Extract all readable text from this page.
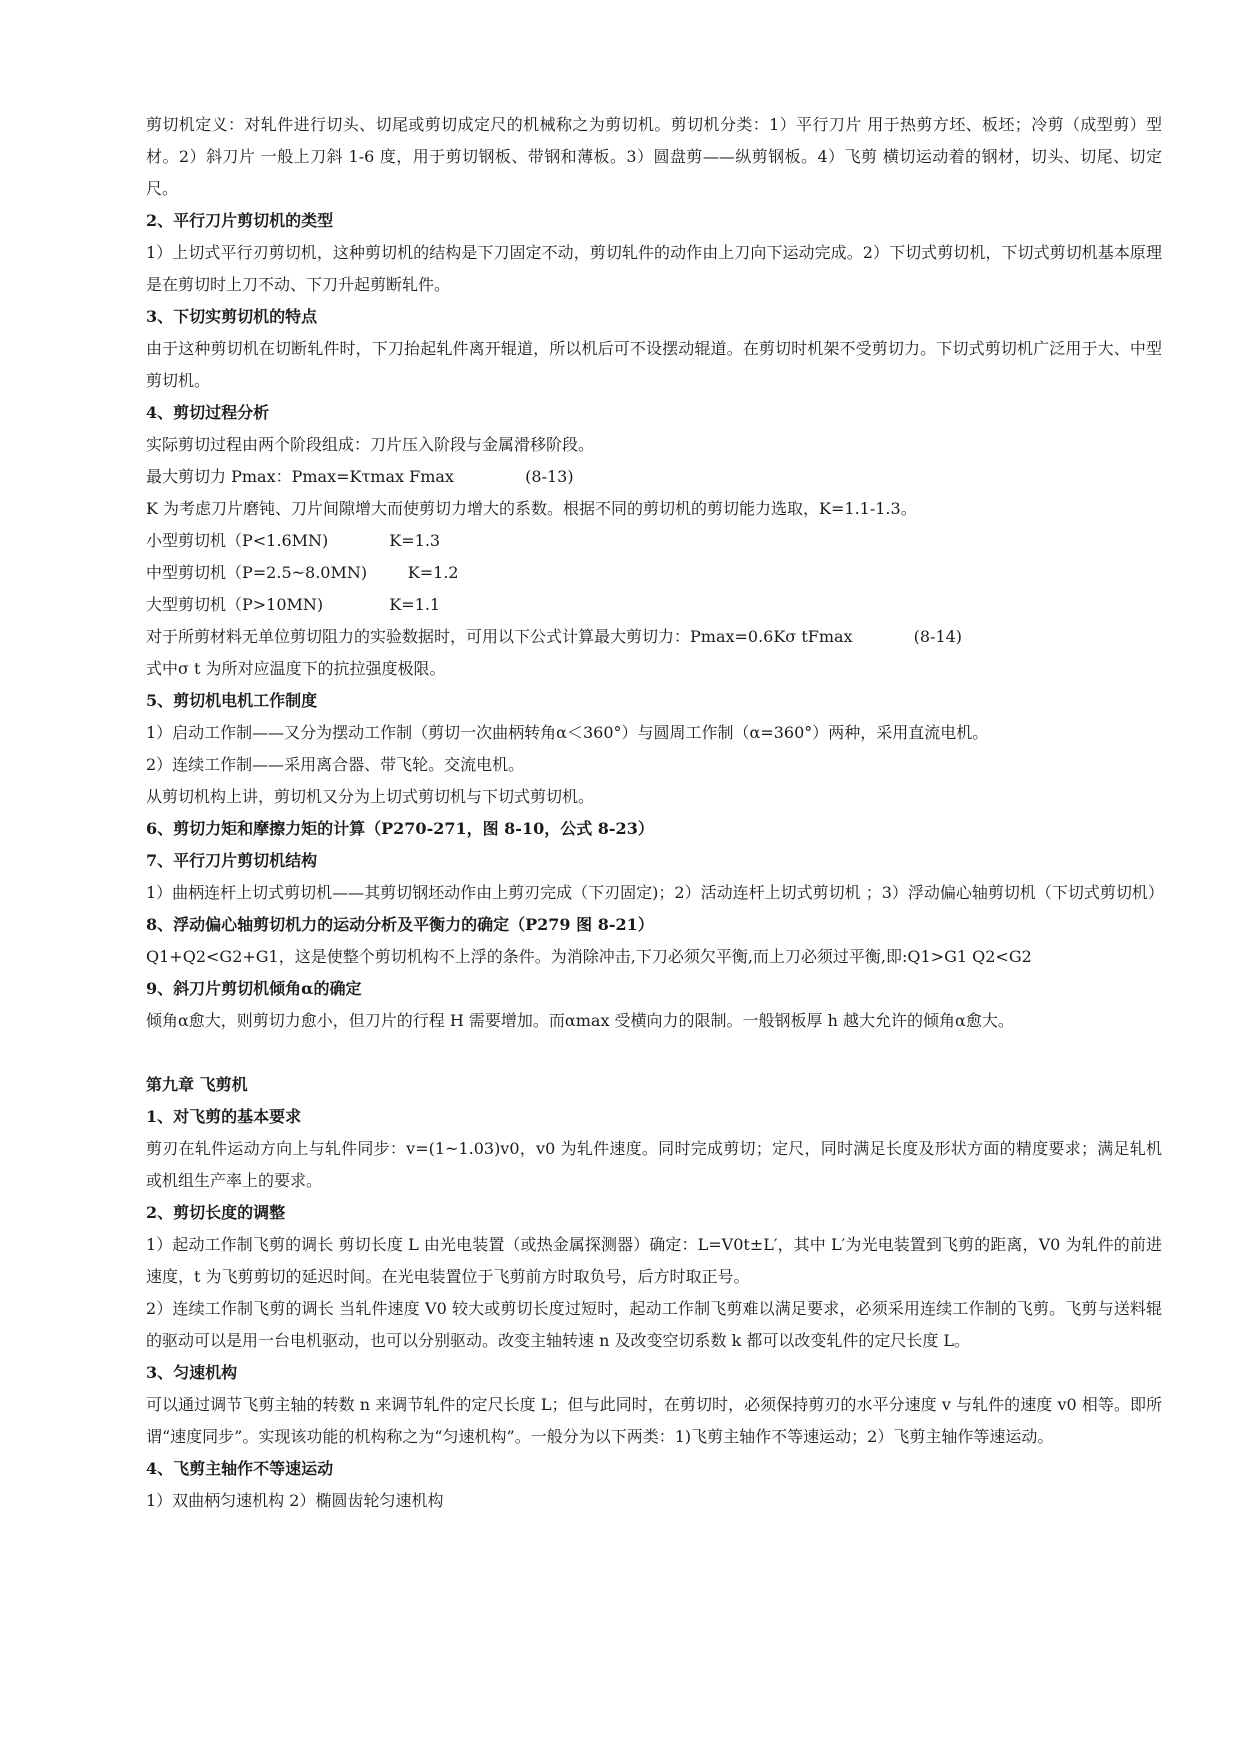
剪切机定义：对轧件进行切头、切尾或剪切成定尺的机械称之为剪切机。剪切机分类：1）平行刀片 用于热剪方坯、板坯；冷剪（成型剪）型材。2）斜刀片 一般上刀斜 1-6 度，用于剪切钢板、带钢和薄板。3）圆盘剪——纵剪钢板。4）飞剪 横切运动着的钢材，切头、切尾、切定尺。
2、平行刀片剪切机的类型
1）上切式平行刃剪切机，这种剪切机的结构是下刀固定不动，剪切轧件的动作由上刀向下运动完成。2）下切式剪切机，下切式剪切机基本原理是在剪切时上刀不动、下刀升起剪断轧件。
3、下切实剪切机的特点
由于这种剪切机在切断轧件时，下刀抬起轧件离开辊道，所以机后可不设摆动辊道。在剪切时机架不受剪切力。下切式剪切机广泛用于大、中型剪切机。
4、剪切过程分析
实际剪切过程由两个阶段组成：刀片压入阶段与金属滑移阶段。
最大剪切力 Pmax：Pmax=Kτmax Fmax              (8-13)
K 为考虑刀片磨钝、刀片间隙增大而使剪切力增大的系数。根据不同的剪切机的剪切能力选取，K=1.1-1.3。
小型剪切机（P<1.6MN)            K=1.3
中型剪切机（P=2.5~8.0MN)        K=1.2
大型剪切机（P>10MN)             K=1.1
对于所剪材料无单位剪切阻力的实验数据时，可用以下公式计算最大剪切力：Pmax=0.6Kσ tFmax            (8-14)
式中σ t 为所对应温度下的抗拉强度极限。
5、剪切机电机工作制度
1）启动工作制——又分为摆动工作制（剪切一次曲柄转角α＜360°）与圆周工作制（α=360°）两种，采用直流电机。
2）连续工作制——采用离合器、带飞轮。交流电机。
从剪切机构上讲，剪切机又分为上切式剪切机与下切式剪切机。
6、剪切力矩和摩擦力矩的计算（P270-271，图 8-10，公式 8-23）
7、平行刀片剪切机结构
1）曲柄连杆上切式剪切机——其剪切钢坯动作由上剪刃完成（下刃固定)；2）活动连杆上切式剪切机 ；3）浮动偏心轴剪切机（下切式剪切机）
8、浮动偏心轴剪切机力的运动分析及平衡力的确定（P279 图 8-21）
Q1+Q2<G2+G1，这是使整个剪切机构不上浮的条件。为消除冲击,下刀必须欠平衡,而上刀必须过平衡,即:Q1>G1 Q2<G2
9、斜刀片剪切机倾角α的确定
倾角α愈大，则剪切力愈小，但刀片的行程 H 需要增加。而αmax 受横向力的限制。一般钢板厚 h 越大允许的倾角α愈大。
第九章 飞剪机
1、对飞剪的基本要求
剪刃在轧件运动方向上与轧件同步：v=(1~1.03)v0，v0 为轧件速度。同时完成剪切；定尺，同时满足长度及形状方面的精度要求；满足轧机或机组生产率上的要求。
2、剪切长度的调整
1）起动工作制飞剪的调长 剪切长度 L 由光电装置（或热金属探测器）确定：L=V0t±L′，其中 L′为光电装置到飞剪的距离，V0 为轧件的前进速度，t 为飞剪剪切的延迟时间。在光电装置位于飞剪前方时取负号，后方时取正号。
2）连续工作制飞剪的调长 当轧件速度 V0 较大或剪切长度过短时，起动工作制飞剪难以满足要求，必须采用连续工作制的飞剪。飞剪与送料辊的驱动可以是用一台电机驱动，也可以分别驱动。改变主轴转速 n 及改变空切系数 k 都可以改变轧件的定尺长度 L。
3、匀速机构
可以通过调节飞剪主轴的转数 n 来调节轧件的定尺长度 L；但与此同时，在剪切时，必须保持剪刃的水平分速度 v 与轧件的速度 v0 相等。即所谓“速度同步”。实现该功能的机构称之为“匀速机构”。一般分为以下两类：1)飞剪主轴作不等速运动；2）飞剪主轴作等速运动。
4、飞剪主轴作不等速运动
1）双曲柄匀速机构 2）椭圆齿轮匀速机构
